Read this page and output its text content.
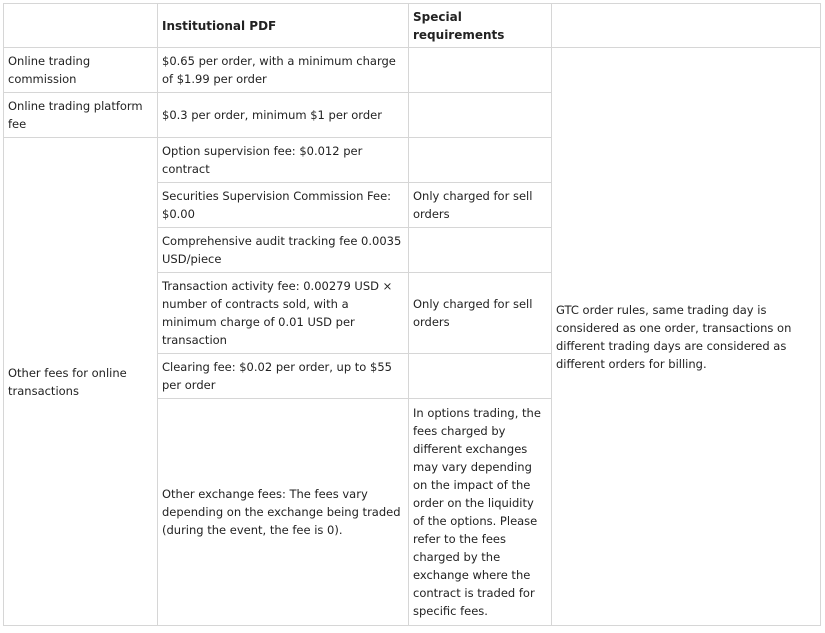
	Institutional PDF	Special requirements	
Online trading commission	$0.65 per order, with a minimum charge of $1.99 per order		GTC order rules, same trading day is considered as one order, transactions on different trading days are considered as different orders for billing.
Online trading platform fee	$0.3 per order, minimum $1 per order		
Other fees for online transactions	Option supervision fee: $0.012 per contract		
	Securities Supervision Commission Fee: $0.00	Only charged for sell orders	
	Comprehensive audit tracking fee 0.0035 USD/piece		
	Transaction activity fee: 0.00279 USD × number of contracts sold, with a minimum charge of 0.01 USD per transaction	Only charged for sell orders	
	Clearing fee: $0.02 per order, up to $55 per order		
	Other exchange fees: The fees vary depending on the exchange being traded (during the event, the fee is 0).	In options trading, the fees charged by different exchanges may vary depending on the impact of the order on the liquidity of the options. Please refer to the fees charged by the exchange where the contract is traded for specific fees.	
